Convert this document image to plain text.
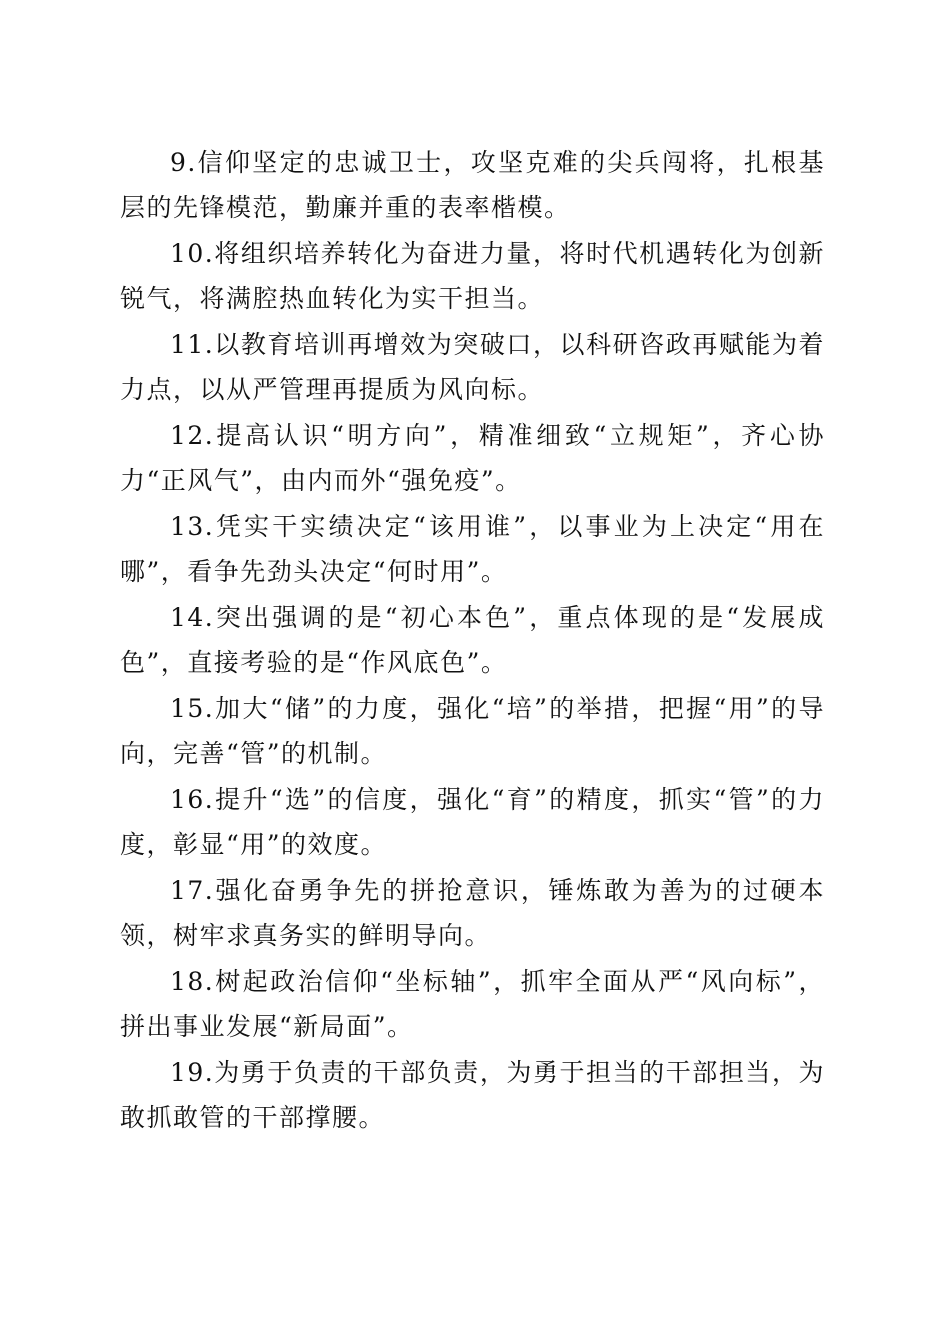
9.信仰坚定的忠诚卫士，攻坚克难的尖兵闯将，扎根基层的先锋模范，勤廉并重的表率楷模。

10.将组织培养转化为奋进力量，将时代机遇转化为创新锐气，将满腔热血转化为实干担当。

11.以教育培训再增效为突破口，以科研咨政再赋能为着力点，以从严管理再提质为风向标。

12.提高认识“明方向”，精准细致“立规矩”，齐心协力“正风气”，由内而外“强免疫”。

13.凭实干实绩决定“该用谁”，以事业为上决定“用在哪”，看争先劲头决定“何时用”。

14.突出强调的是“初心本色”，重点体现的是“发展成色”，直接考验的是“作风底色”。

15.加大“储”的力度，强化“培”的举措，把握“用”的导向，完善“管”的机制。

16.提升“选”的信度，强化“育”的精度，抓实“管”的力度，彰显“用”的效度。

17.强化奋勇争先的拼抢意识，锤炼敢为善为的过硬本领，树牢求真务实的鲜明导向。

18.树起政治信仰“坐标轴”，抓牢全面从严“风向标”，拼出事业发展“新局面”。

19.为勇于负责的干部负责，为勇于担当的干部担当，为敢抓敢管的干部撑腰。
